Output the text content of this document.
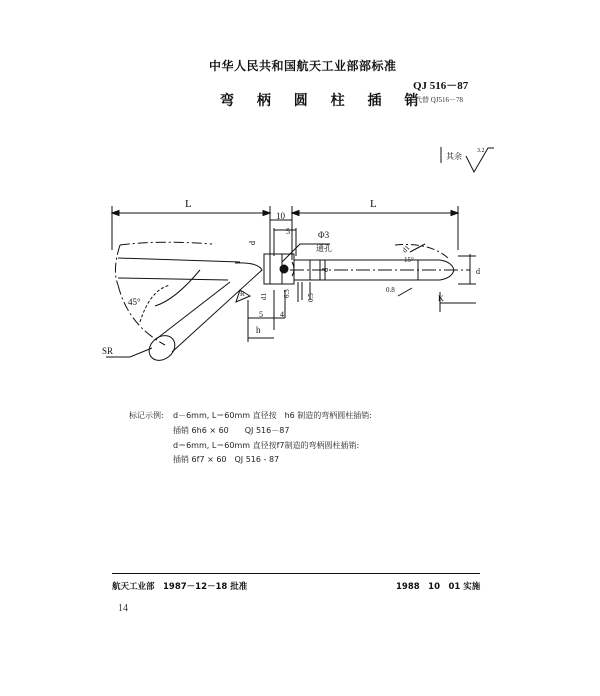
中华人民共和国航天工业部部标准
QJ 516－87
弯 柄 圆 柱 插 销
代替 QJ516－78
L
10
L
5	Φ3
通孔
d
d	d
d1
d1
0.5
45°
R	0.8
6.3
K
5 4
h
SR
15°
其余
3.2
标记示例: d－6mm, L＝60mm 直径按　h6 制造的弯柄圆柱插销:
插销 6h6 × 60　　QJ 516－87
d＝6mm, L＝60mm 直径按f7制造的弯柄圆柱插销:
插销 6f7 × 60　QJ 516 - 87
航天工业部　1987－12－18 批准	1988　10　01 实施
14
